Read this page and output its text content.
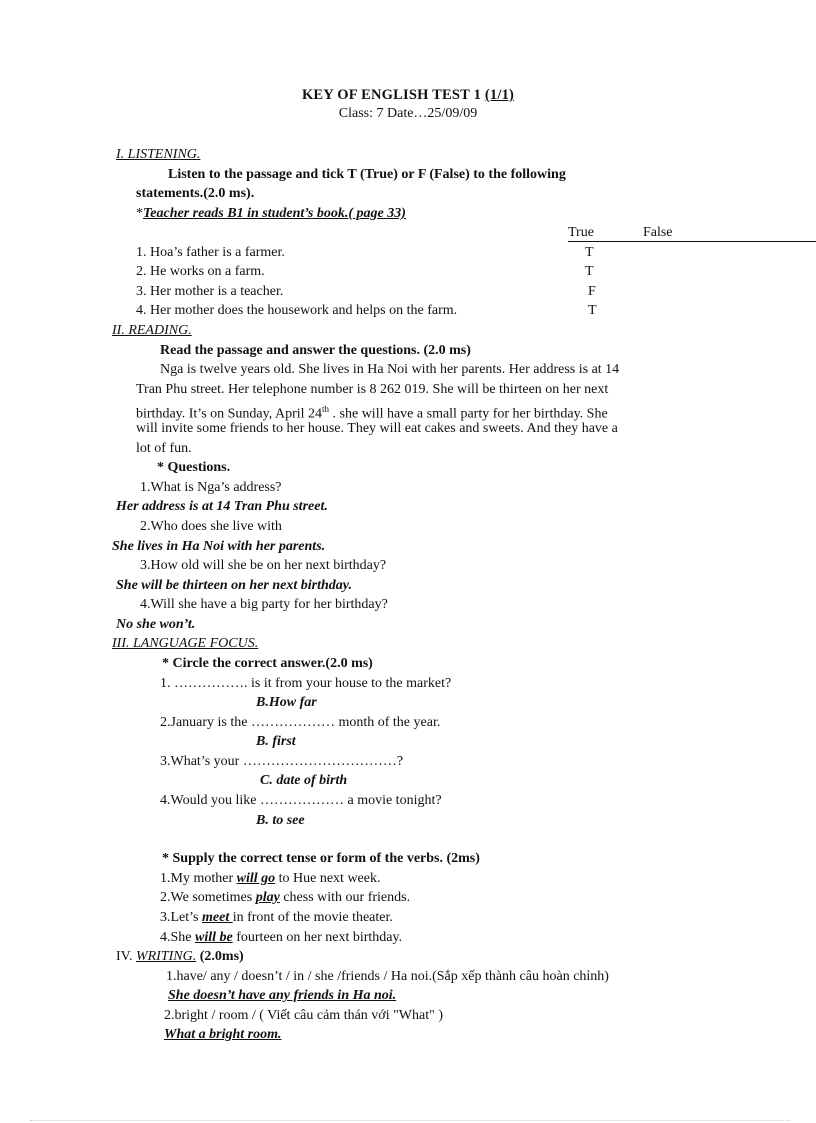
KEY OF ENGLISH TEST 1 (1/1)
Class: 7 Date…25/09/09
I. LISTENING.
Listen to the passage and tick T (True) or F (False) to the following
statements.(2.0 ms).
*Teacher reads B1 in student’s book.( page 33)
True	False
1. Hoa’s father is a farmer.	T
2. He works on a farm.	T
3. Her mother is a teacher.	F
4. Her mother does the housework and helps on the farm.	T
II. READING.
Read the passage and answer the questions. (2.0 ms)
Nga is twelve years old. She lives in Ha Noi with her parents. Her address is at 14
Tran Phu street. Her telephone number is 8 262 019. She will be thirteen on her next
birthday. It’s on Sunday, April 24th . she will have a small party for her birthday. She
will invite some friends to her house. They will eat cakes and sweets. And they have a
lot of fun.
* Questions.
1.What is Nga’s address?
Her address is at 14 Tran Phu street.
2.Who does she live with
She lives in Ha Noi with her parents.
3.How old will she be on her next birthday?
She will be thirteen on her next birthday.
4.Will she have a big party for her birthday?
No she won’t.
III. LANGUAGE FOCUS.
* Circle the correct answer.(2.0 ms)
1. ……………. is it from your house to the market?
B.How far
2.January is the ……………… month of the year.
B. first
3.What’s your ……………………………?
C. date of birth
4.Would you like ……………… a movie tonight?
B. to see
* Supply the correct tense or form of the verbs. (2ms)
1.My mother will go to Hue next week.
2.We sometimes play chess with our friends.
3.Let’s meet in front of the movie theater.
4.She will be fourteen on her next birthday.
IV. WRITING. (2.0ms)
1.have/ any / doesn’t / in / she /friends / Ha noi.(Sắp xếp thành câu hoàn chỉnh)
She doesn’t have any friends in Ha noi.
2.bright / room / ( Viết câu cảm thán với "What" )
What a bright room.
